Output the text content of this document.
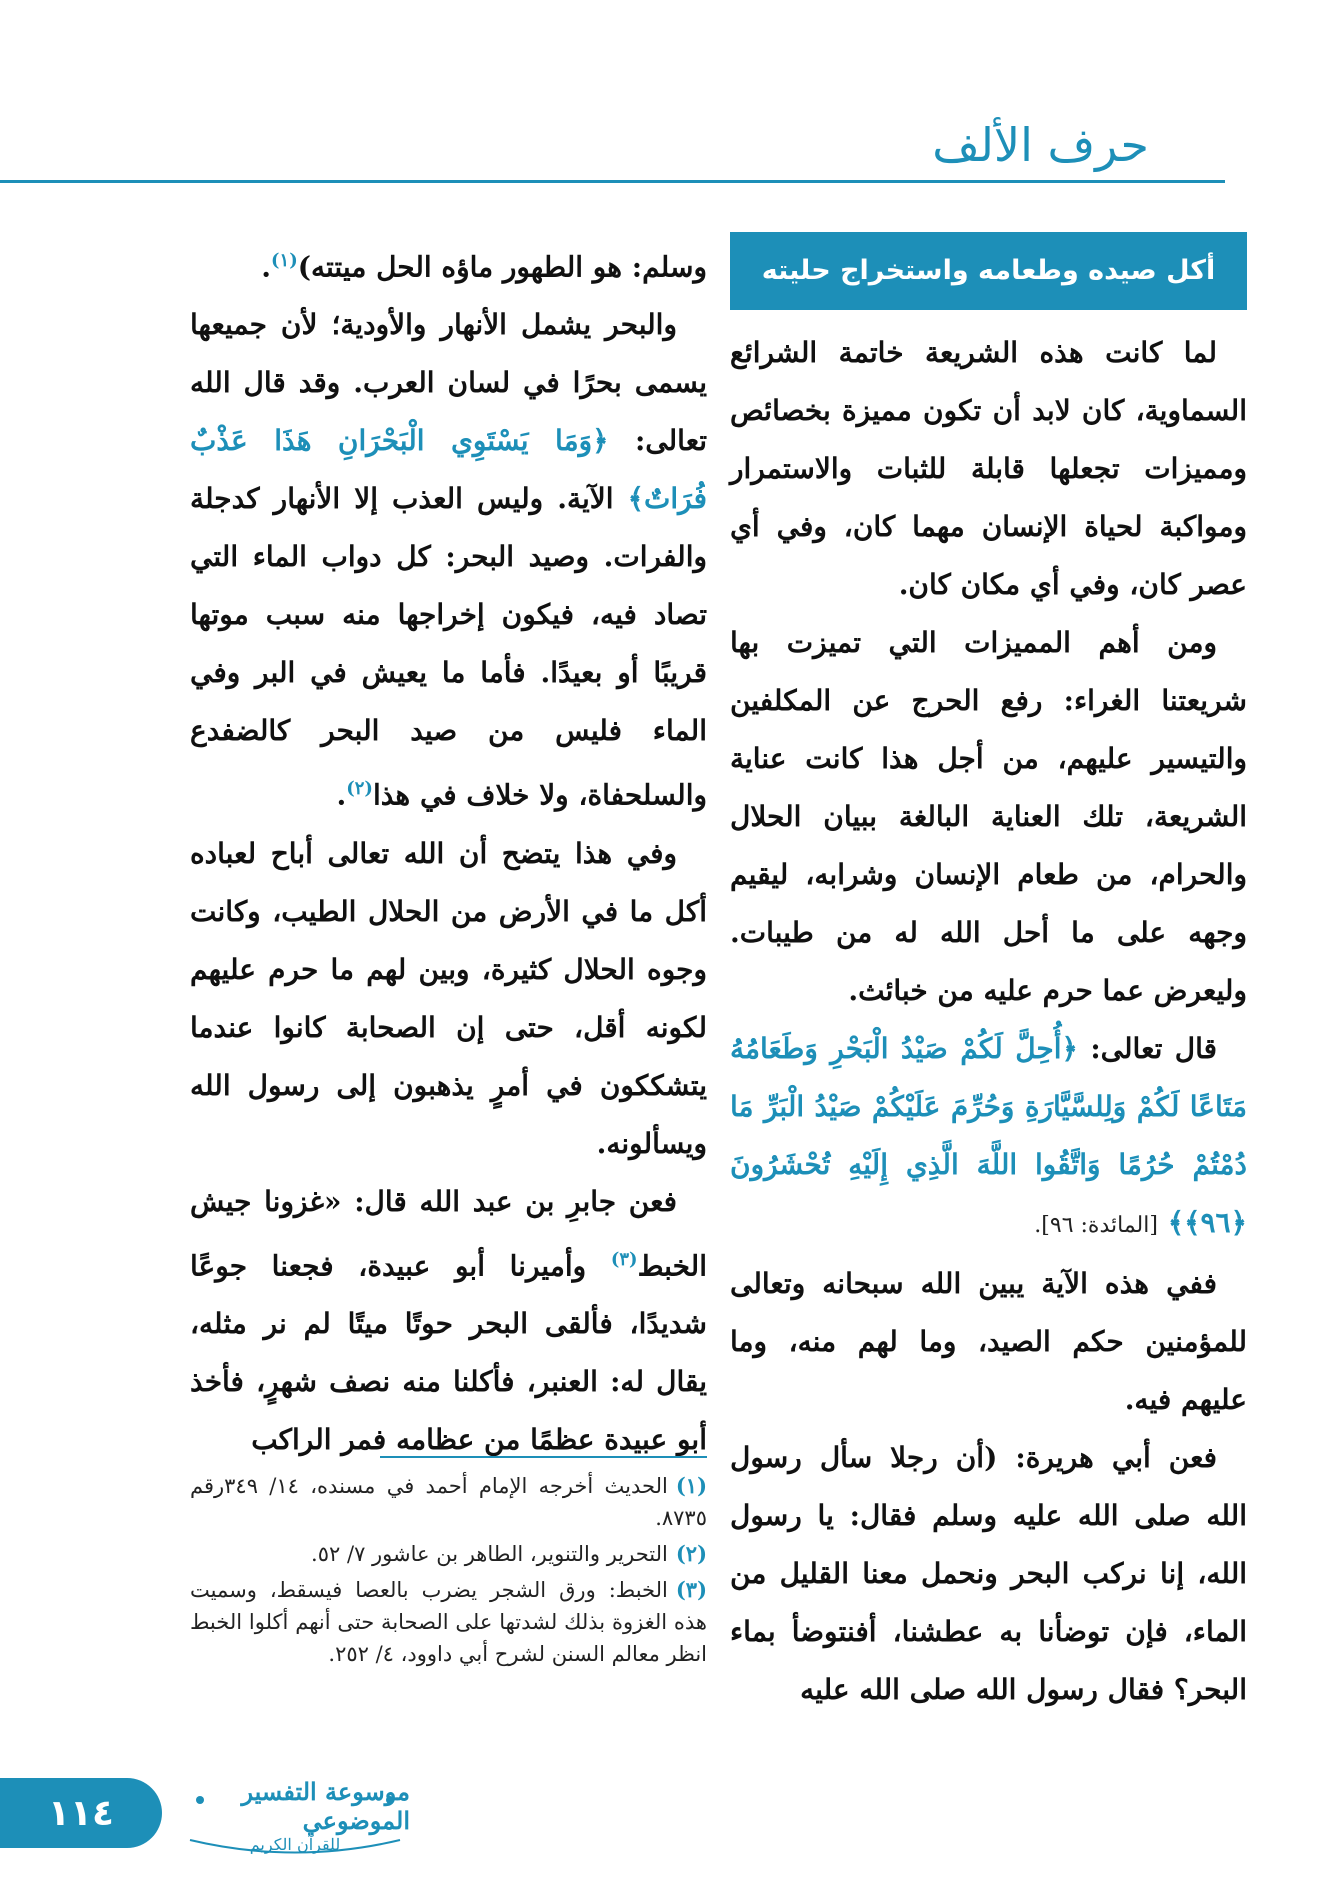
حرف الألف
أكل صيده وطعامه واستخراج حليته

لما كانت هذه الشريعة خاتمة الشرائع السماوية، كان لابد أن تكون مميزة بخصائص ومميزات تجعلها قابلة للثبات والاستمرار ومواكبة لحياة الإنسان مهما كان، وفي أي عصر كان، وفي أي مكان كان.

ومن أهم المميزات التي تميزت بها شريعتنا الغراء: رفع الحرج عن المكلفين والتيسير عليهم، من أجل هذا كانت عناية الشريعة، تلك العناية البالغة ببيان الحلال والحرام، من طعام الإنسان وشرابه، ليقيم وجهه على ما أحل الله له من طيبات. وليعرض عما حرم عليه من خبائث.

قال تعالى: ﴿أُحِلَّ لَكُمْ صَيْدُ الْبَحْرِ وَطَعَامُهُ مَتَاعًا لَكُمْ وَلِلسَّيَّارَةِ وَحُرِّمَ عَلَيْكُمْ صَيْدُ الْبَرِّ مَا دُمْتُمْ حُرُمًا وَاتَّقُوا اللَّهَ الَّذِي إِلَيْهِ تُحْشَرُونَ ﴿٩٦﴾﴾ [المائدة: ٩٦].

ففي هذه الآية يبين الله سبحانه وتعالى للمؤمنين حكم الصيد، وما لهم منه، وما عليهم فيه.

فعن أبي هريرة: (أن رجلا سأل رسول الله صلى الله عليه وسلم فقال: يا رسول الله، إنا نركب البحر ونحمل معنا القليل من الماء، فإن توضأنا به عطشنا، أفنتوضأ بماء البحر؟ فقال رسول الله صلى الله عليه

وسلم: هو الطهور ماؤه الحل ميتته)$^{(١)}$.

والبحر يشمل الأنهار والأودية؛ لأن جميعها يسمى بحرًا في لسان العرب. وقد قال الله تعالى: ﴿وَمَا يَسْتَوِي الْبَحْرَانِ هَذَا عَذْبٌ فُرَاتٌ﴾ الآية. وليس العذب إلا الأنهار كدجلة والفرات. وصيد البحر: كل دواب الماء التي تصاد فيه، فيكون إخراجها منه سبب موتها قريبًا أو بعيدًا. فأما ما يعيش في البر وفي الماء فليس من صيد البحر كالضفدع والسلحفاة، ولا خلاف في هذا$^{(٢)}$.

وفي هذا يتضح أن الله تعالى أباح لعباده أكل ما في الأرض من الحلال الطيب، وكانت وجوه الحلال كثيرة، وبين لهم ما حرم عليهم لكونه أقل، حتى إن الصحابة كانوا عندما يتشككون في أمرٍ يذهبون إلى رسول الله ويسألونه.

فعن جابرِ بن عبد الله قال: «غزونا جيش الخبط$^{(٣)}$ وأميرنا أبو عبيدة، فجعنا جوعًا شديدًا، فألقى البحر حوتًا ميتًا لم نر مثله، يقال له: العنبر، فأكلنا منه نصف شهرٍ، فأخذ أبو عبيدة عظمًا من عظامه فمر الراكب

(١)الحديث أخرجه الإمام أحمد في مسنده، ١٤/ ٣٤٩رقم ٨٧٣٥.

(٢)التحرير والتنوير، الطاهر بن عاشور ٧/ ٥٢.

(٣)الخبط: ورق الشجر يضرب بالعصا فيسقط، وسميت هذه الغزوة بذلك لشدتها على الصحابة حتى أنهم أكلوا الخبط انظر معالم السنن لشرح أبي داوود، ٤/ ٢٥٢.

١١٤
موسوعة التفسير الموضوعي
للقرآن الكريم
